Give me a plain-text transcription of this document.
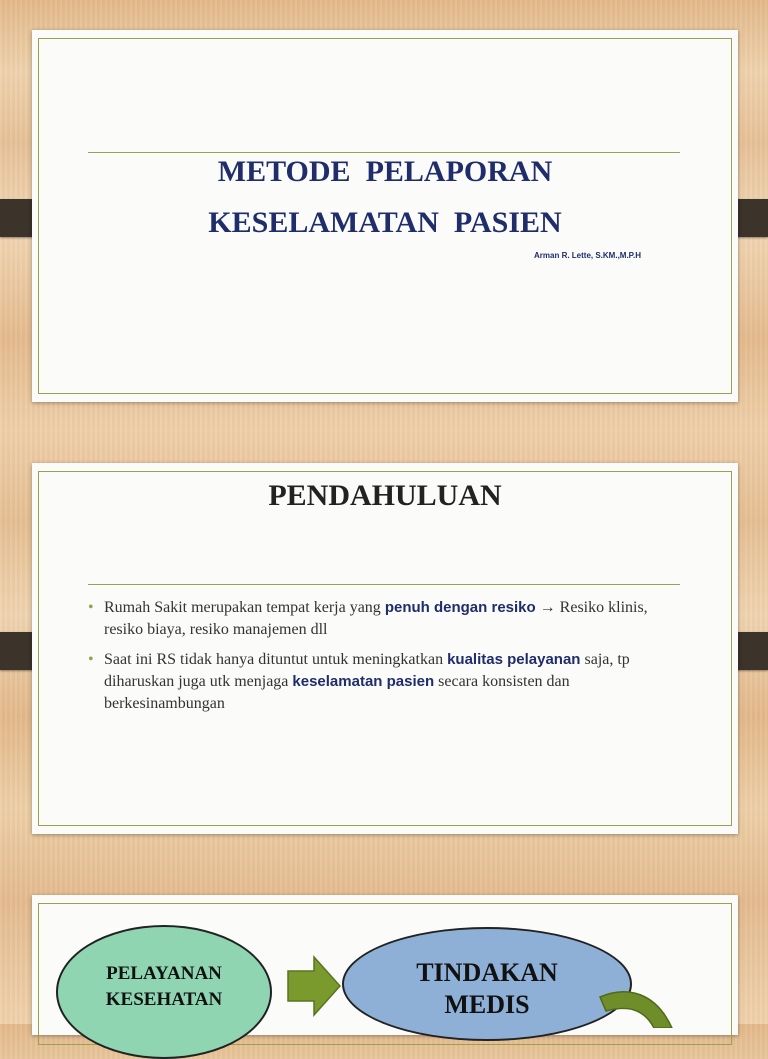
METODE  PELAPORAN
KESELAMATAN  PASIEN
Arman R. Lette, S.KM.,M.P.H
PENDAHULUAN
• Rumah Sakit merupakan tempat kerja yang penuh dengan resiko → Resiko klinis, resiko biaya, resiko manajemen dll
• Saat ini RS tidak hanya dituntut untuk meningkatkan kualitas pelayanan saja, tp diharuskan juga utk menjaga keselamatan pasien secara konsisten dan berkesinambungan
PELAYANAN
KESEHATAN
TINDAKAN
MEDIS
